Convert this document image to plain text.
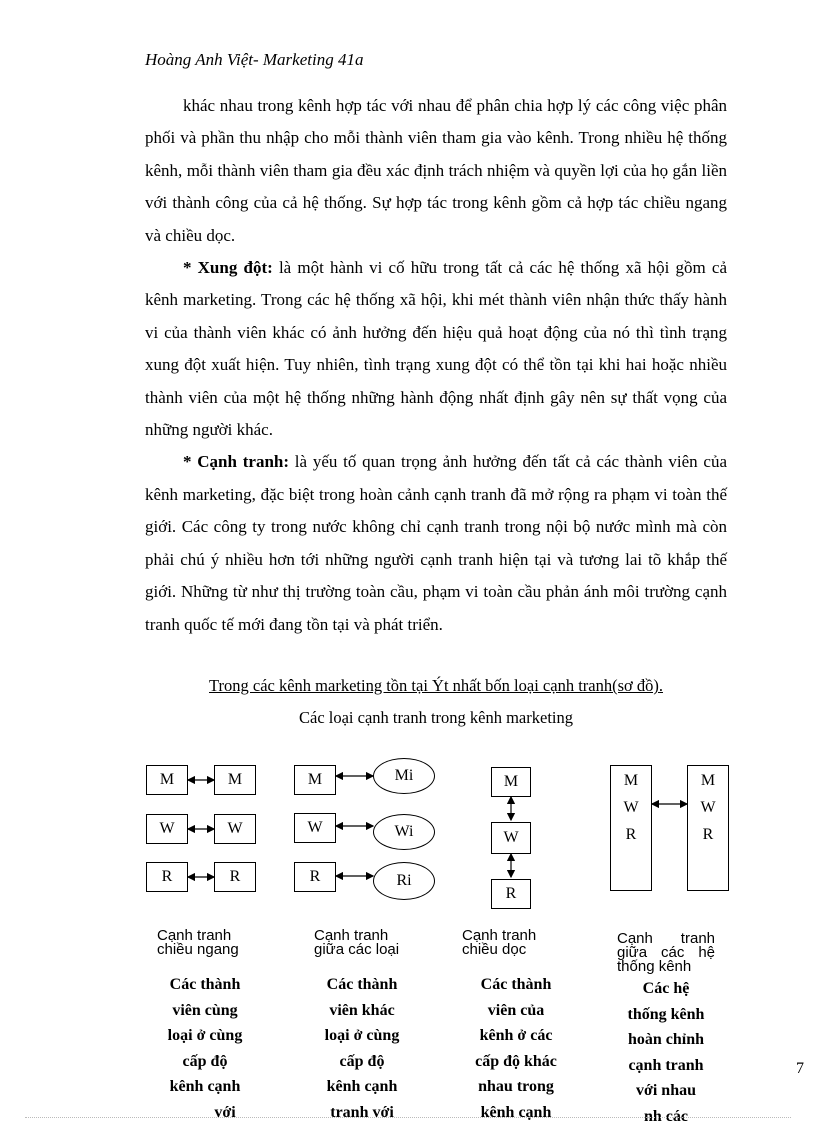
Hoàng Anh Việt- Marketing 41a

khác nhau trong kênh hợp tác với nhau để phân chia hợp lý các công việc phân phối và phần thu nhập cho mỗi thành viên tham gia vào kênh. Trong nhiều hệ thống kênh, mỗi thành viên tham gia đều xác định trách nhiệm và quyền lợi của họ gắn liền với thành công của cả hệ thống. Sự hợp tác trong kênh gồm cả hợp tác chiều ngang và chiều dọc.

* Xung đột: là một hành vi cố hữu trong tất cả các hệ thống xã hội gồm cả kênh marketing. Trong các hệ thống xã hội, khi mét thành viên nhận thức thấy hành vi của thành viên khác có ảnh hưởng đến hiệu quả hoạt động của nó thì tình trạng xung đột xuất hiện. Tuy nhiên, tình trạng xung đột có thể tồn tại khi hai hoặc nhiều thành viên của một hệ thống những hành động nhất định gây nên sự thất vọng của những người khác.

* Cạnh tranh: là yếu tố quan trọng ảnh hưởng đến tất cả các thành viên của kênh marketing, đặc biệt trong hoàn cảnh cạnh tranh đã mở rộng ra phạm vi toàn thế giới. Các công ty trong nước không chỉ cạnh tranh trong nội bộ nước mình mà còn phải chú ý nhiều hơn tới những người cạnh tranh hiện tại và tương lai tõ khắp thế giới. Những từ như thị trường toàn cầu, phạm vi toàn cầu phản ánh môi trường cạnh tranh quốc tế mới đang tồn tại và phát triển.

Trong các kênh marketing tồn tại Ýt nhất bốn loại cạnh tranh(sơ đồ).
Các loại cạnh tranh trong kênh marketing
M	M
W	W
R	R
M	Mi
W	Wi
R	Ri
M
W
R
M
W
R
M
W
R
Cạnh tranh
chiều ngang
Cạnh tranh
giữa các loại
Cạnh tranh
chiều dọc
Cạnh tranh
giữa các hệ
thống kênh
Các thành
viên cùng
loại ở cùng
cấp độ
kênh cạnh
với
Các thành
viên khác
loại ở cùng
cấp độ
kênh cạnh
tranh với
Các thành
viên của
kênh ở các
cấp độ khác
nhau trong
kênh cạnh
Các hệ
thống kênh
hoàn chỉnh
cạnh tranh
với nhau
nh các
7
